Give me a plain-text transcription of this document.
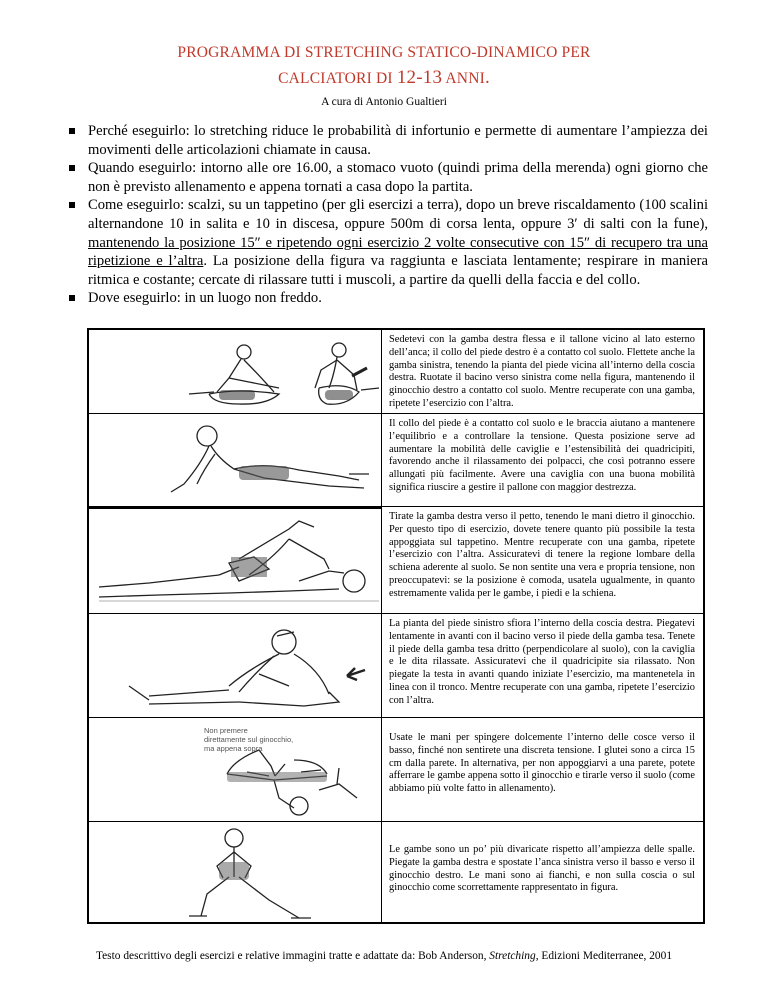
PROGRAMMA DI STRETCHING STATICO-DINAMICO PER
CALCIATORI DI 12-13 ANNI.
A cura di Antonio Gualtieri
Perché eseguirlo: lo stretching riduce le probabilità di infortunio e permette di aumentare l’ampiezza dei movimenti delle articolazioni chiamate in causa.
Quando eseguirlo: intorno alle ore 16.00, a stomaco vuoto (quindi prima della merenda) ogni giorno che non è previsto allenamento e appena tornati a casa dopo la partita.
Come eseguirlo: scalzi, su un tappetino (per gli esercizi a terra), dopo un breve riscaldamento (100 scalini alternandone 10 in salita e 10 in discesa, oppure 500m di corsa lenta, oppure 3′ di salti con la fune), mantenendo la posizione 15″ e ripetendo ogni esercizio 2 volte consecutive con 15″ di recupero tra una ripetizione e l’altra. La posizione della figura va raggiunta e lasciata lentamente; respirare in maniera ritmica e costante; cercate di rilassare tutti i muscoli, a partire da quelli della faccia e del collo.
Dove eseguirlo: in un luogo non freddo.
Sedetevi con la gamba destra flessa e il tallone vicino al lato esterno dell’anca; il collo del piede destro è a contatto col suolo. Flettete anche la gamba sinistra, tenendo la pianta del piede vicina all’interno della coscia destra. Ruotate il bacino verso sinistra come nella figura, mantenendo il ginocchio destro a contatto col suolo. Mentre recuperate con una gamba, ripetete l’esercizio con l’altra.
Il collo del piede è a contatto col suolo e le braccia aiutano a mantenere l’equilibrio e a controllare la tensione. Questa posizione serve ad aumentare la mobilità delle caviglie e l’estensibilità dei quadricipiti, favorendo anche il rilassamento dei polpacci, che così potranno essere allungati più facilmente. Avere una caviglia con una buona mobilità significa riuscire a gestire il pallone con maggior destrezza.
Tirate la gamba destra verso il petto, tenendo le mani dietro il ginocchio. Per questo tipo di esercizio, dovete tenere quanto più possibile la testa appoggiata sul tappetino. Mentre recuperate con una gamba, ripetete l’esercizio con l’altra. Assicuratevi di tenere la regione lombare della schiena aderente al suolo. Se non sentite una vera e propria tensione, non preoccupatevi: se la posizione è comoda, usatela ugualmente, in quanto estremamente valida per le gambe, i piedi e la schiena.
La pianta del piede sinistro sfiora l’interno della coscia destra. Piegatevi lentamente in avanti con il bacino verso il piede della gamba tesa. Tenete il piede della gamba tesa dritto (perpendicolare al suolo), con la caviglia e le dita rilassate. Assicuratevi che il quadricipite sia rilassato. Non piegate la testa in avanti quando iniziate l’esercizio, ma mantenetela in linea con il tronco. Mentre recuperate con una gamba, ripetete l’esercizio con l’altra.
Non premere
direttamente sul ginocchio,
ma appena sopra
Usate le mani per spingere dolcemente l’interno delle cosce verso il basso, finché non sentirete una discreta tensione. I glutei sono a circa 15 cm dalla parete. In alternativa, per non appoggiarvi a una parete, potete afferrare le gambe appena sotto il ginocchio e tirarle verso il suolo (come abbiamo più volte fatto in allenamento).
Le gambe sono un po’ più divaricate rispetto all’ampiezza delle spalle. Piegate la gamba destra e spostate l’anca sinistra verso il basso e verso il ginocchio destro. Le mani sono ai fianchi, e non sulla coscia o sul ginocchio come scorrettamente rappresentato in figura.
Testo descrittivo degli esercizi e relative immagini tratte e adattate da: Bob Anderson, Stretching, Edizioni Mediterranee, 2001
